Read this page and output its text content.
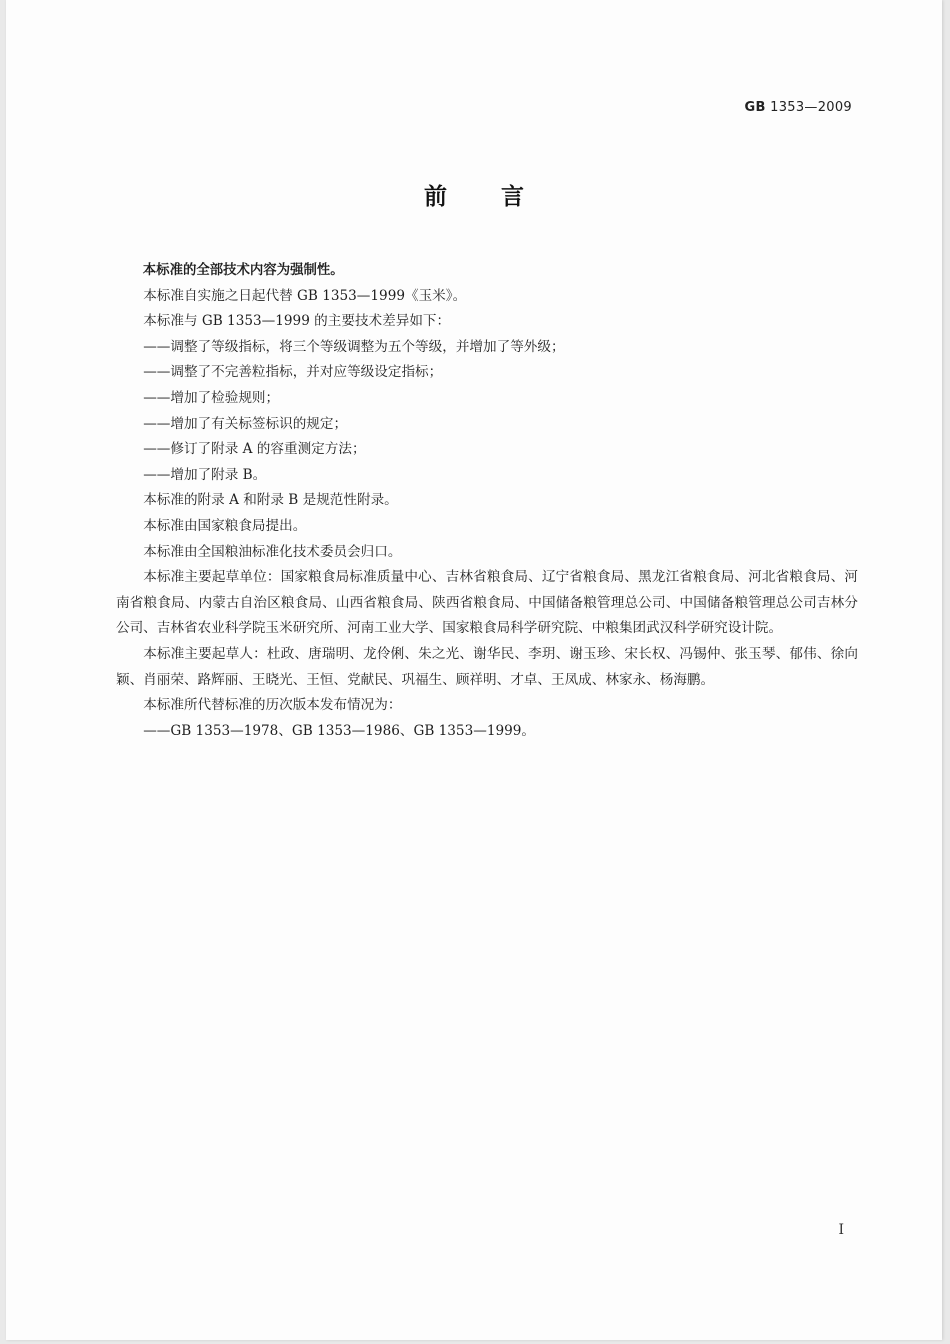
GB 1353—2009
前言

本标准的全部技术内容为强制性。

本标准自实施之日起代替 GB 1353—1999《玉米》。

本标准与 GB 1353—1999 的主要技术差异如下：

——调整了等级指标，将三个等级调整为五个等级，并增加了等外级；

——调整了不完善粒指标，并对应等级设定指标；

——增加了检验规则；

——增加了有关标签标识的规定；

——修订了附录 A 的容重测定方法；

——增加了附录 B。

本标准的附录 A 和附录 B 是规范性附录。

本标准由国家粮食局提出。

本标准由全国粮油标准化技术委员会归口。

本标准主要起草单位：国家粮食局标准质量中心、吉林省粮食局、辽宁省粮食局、黑龙江省粮食局、河北省粮食局、河南省粮食局、内蒙古自治区粮食局、山西省粮食局、陕西省粮食局、中国储备粮管理总公司、中国储备粮管理总公司吉林分公司、吉林省农业科学院玉米研究所、河南工业大学、国家粮食局科学研究院、中粮集团武汉科学研究设计院。

本标准主要起草人：杜政、唐瑞明、龙伶俐、朱之光、谢华民、李玥、谢玉珍、宋长权、冯锡仲、张玉琴、郁伟、徐向颖、肖丽荣、路辉丽、王晓光、王恒、党献民、巩福生、顾祥明、才卓、王凤成、林家永、杨海鹏。

本标准所代替标准的历次版本发布情况为：

——GB 1353—1978、GB 1353—1986、GB 1353—1999。

I
